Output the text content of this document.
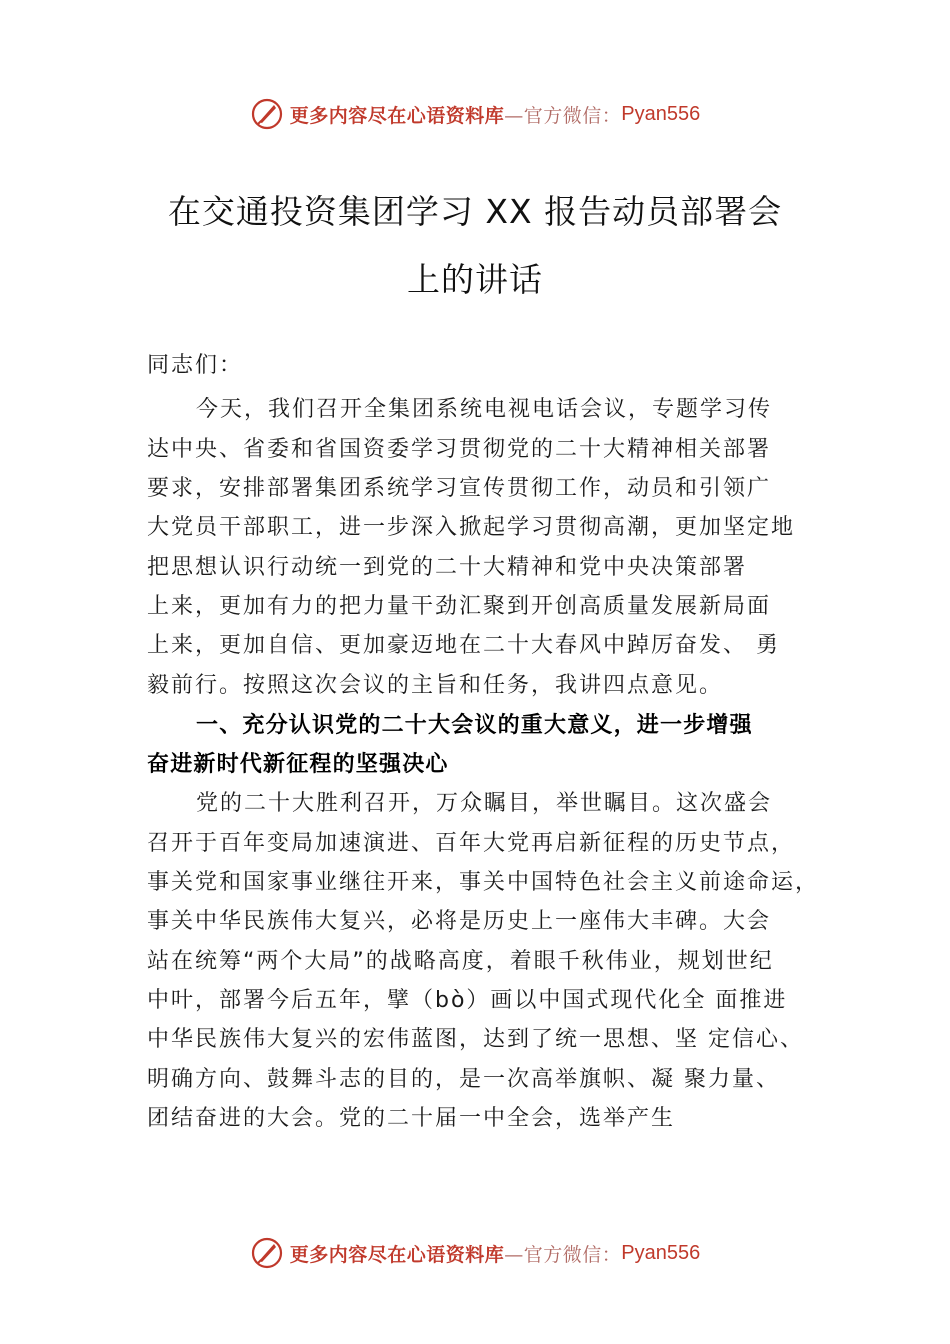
更多内容尽在心语资料库 —官方微信： Pyan556
在交通投资集团学习 XX 报告动员部署会
上的讲话
同志们：
今天，我们召开全集团系统电视电话会议，专题学习传
达中央、省委和省国资委学习贯彻党的二十大精神相关部署
要求，安排部署集团系统学习宣传贯彻工作，动员和引领广
大党员干部职工，进一步深入掀起学习贯彻高潮，更加坚定地
把思想认识行动统一到党的二十大精神和党中央决策部署
上来，更加有力的把力量干劲汇聚到开创高质量发展新局面
上来，更加自信、更加豪迈地在二十大春风中踔厉奋发、 勇
毅前行。按照这次会议的主旨和任务，我讲四点意见。
一、充分认识党的二十大会议的重大意义，进一步增强
奋进新时代新征程的坚强决心
党的二十大胜利召开，万众瞩目，举世瞩目。这次盛会
召开于百年变局加速演进、百年大党再启新征程的历史节点，
事关党和国家事业继往开来，事关中国特色社会主义前途命运，
事关中华民族伟大复兴，必将是历史上一座伟大丰碑。大会
站在统筹“两个大局”的战略高度，着眼千秋伟业，规划世纪
中叶，部署今后五年，擘（bò）画以中国式现代化全 面推进
中华民族伟大复兴的宏伟蓝图，达到了统一思想、坚 定信心、
明确方向、鼓舞斗志的目的，是一次高举旗帜、凝 聚力量、
团结奋进的大会。党的二十届一中全会，选举产生
更多内容尽在心语资料库 —官方微信： Pyan556
